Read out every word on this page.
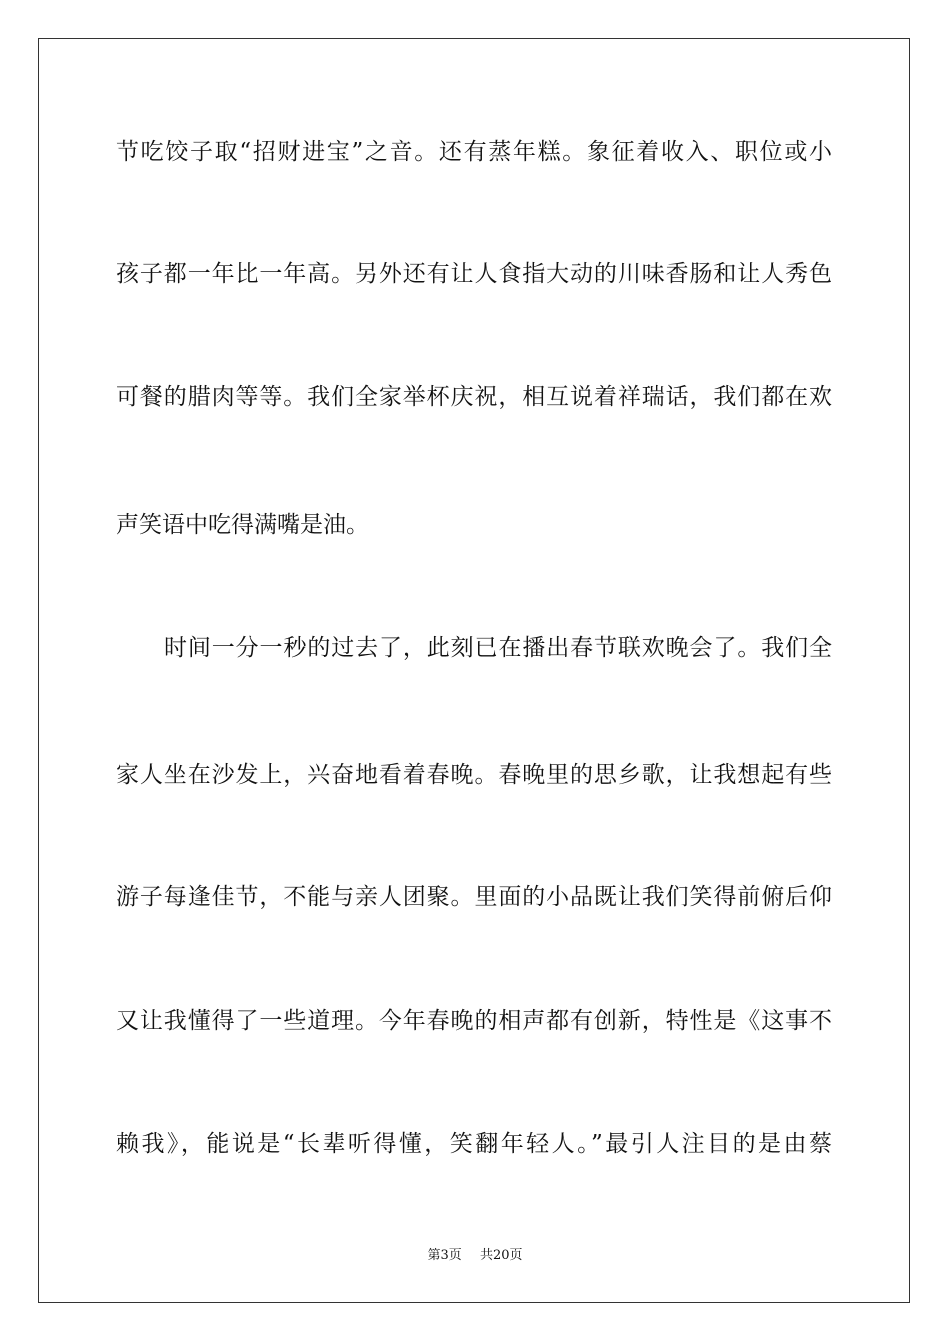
节吃饺子取“招财进宝”之音。还有蒸年糕。象征着收入、职位或小
孩子都一年比一年高。另外还有让人食指大动的川味香肠和让人秀色
可餐的腊肉等等。我们全家举杯庆祝，相互说着祥瑞话，我们都在欢
声笑语中吃得满嘴是油。
时间一分一秒的过去了，此刻已在播出春节联欢晚会了。我们全
家人坐在沙发上，兴奋地看着春晚。春晚里的思乡歌，让我想起有些
游子每逢佳节，不能与亲人团聚。里面的小品既让我们笑得前俯后仰
又让我懂得了一些道理。今年春晚的相声都有创新，特性是《这事不
赖我》，能说是“长辈听得懂，笑翻年轻人。”最引人注目的是由蔡
第3页 共20页
